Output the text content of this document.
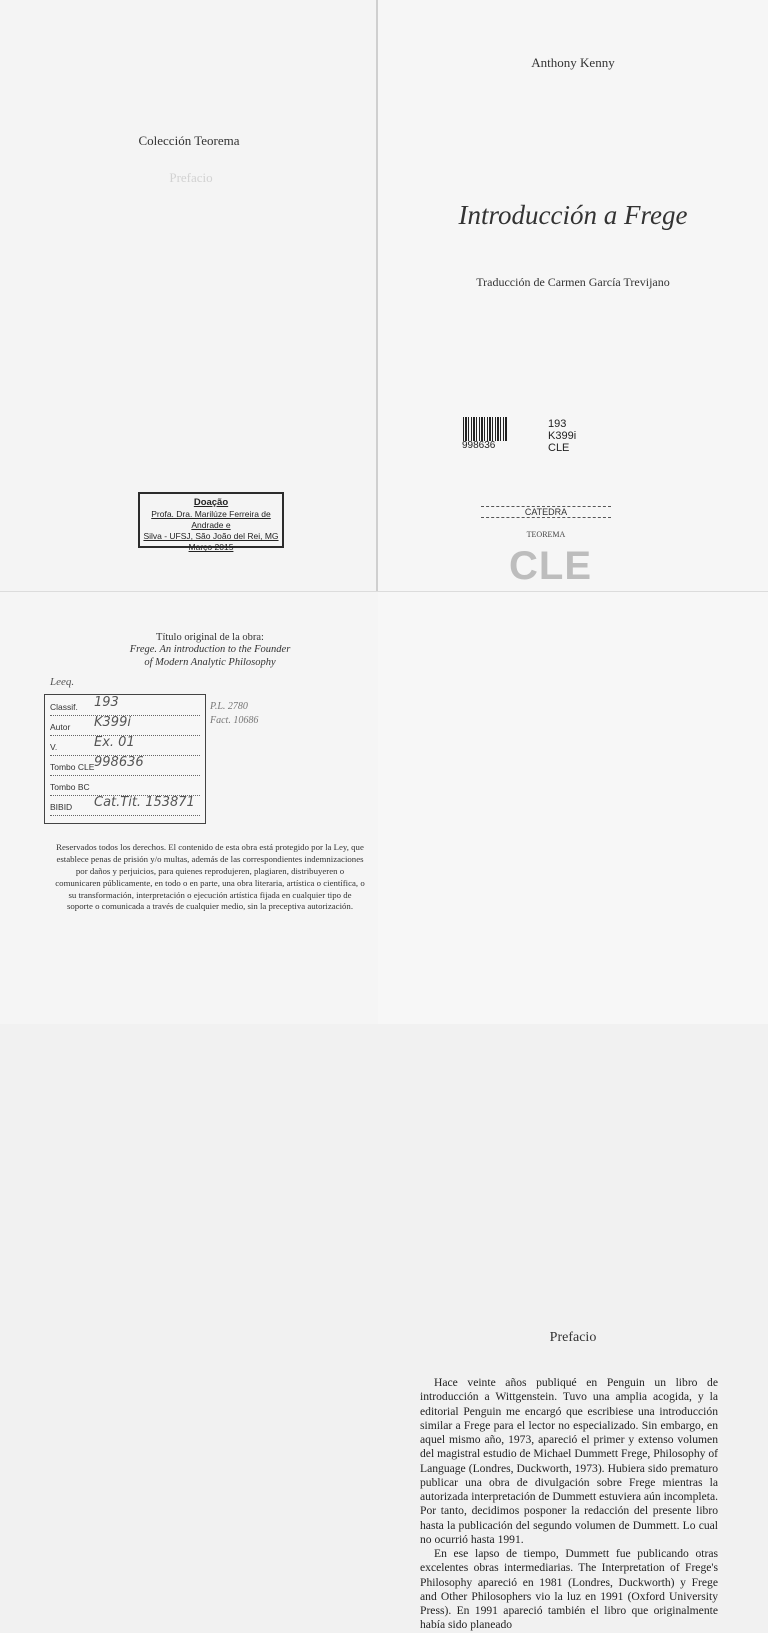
Prefacio

Colección Teorema
Doação
Profa. Dra. Marilúze Ferreira de Andrade e
Silva - UFSJ, São João del Rei, MG
Março 2015
Anthony Kenny
Introducción a Frege
Traducción de Carmen García Trevijano
998636
193
K399i
CLE
CATEDRA
TEOREMA
CLE
Título original de la obra:
Frege. An introduction to the Founder
of Modern Analytic Philosophy
Leeq.
Classif. 193
Autor K399i
V.	Ex. 01
Tombo CLE 998636
Tombo BC
BIBID Cat.Tit. 153871
P.L. 2780
Fact. 10686

Reservados todos los derechos. El contenido de esta obra está protegido por la Ley, que establece penas de prisión y/o multas, además de las correspondientes indemnizaciones por daños y perjuicios, para quienes reprodujeren, plagiaren, distribuyeren o comunicaren públicamente, en todo o en parte, una obra literaria, artística o científica, o su transformación, interpretación o ejecución artística fijada en cualquier tipo de soporte o comunicada a través de cualquier medio, sin la preceptiva autorización.
Prefacio

Hace veinte años publiqué en Penguin un libro de introducción a Wittgenstein. Tuvo una amplia acogida, y la editorial Penguin me encargó que escribiese una introducción similar a Frege para el lector no especializado. Sin embargo, en aquel mismo año, 1973, apareció el primer y extenso volumen del magistral estudio de Michael Dummett Frege, Philosophy of Language (Londres, Duckworth, 1973). Hubiera sido prematuro publicar una obra de divulgación sobre Frege mientras la autorizada interpretación de Dummett estuviera aún incompleta. Por tanto, decidimos posponer la redacción del presente libro hasta la publicación del segundo volumen de Dummett. Lo cual no ocurrió hasta 1991.

En ese lapso de tiempo, Dummett fue publicando otras excelentes obras intermediarias. The Interpretation of Frege's Philosophy apareció en 1981 (Londres, Duckworth) y Frege and Other Philosophers vio la luz en 1991 (Oxford University Press). En 1991 apareció también el libro que originalmente había sido planeado
